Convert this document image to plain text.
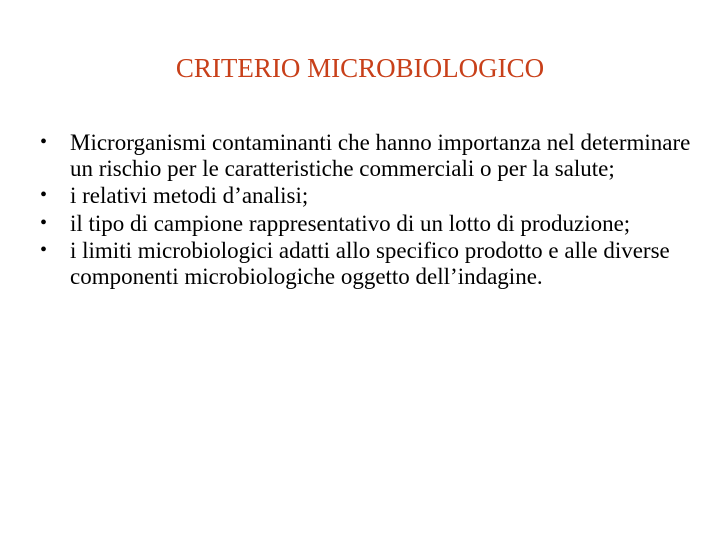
CRITERIO MICROBIOLOGICO
• Microrganismi contaminanti che hanno importanza nel determinare un rischio per le caratteristiche commerciali o per la salute;
• i relativi metodi d’analisi;
• il tipo di campione rappresentativo di un lotto di produzione;
• i limiti microbiologici adatti allo specifico prodotto e alle diverse componenti microbiologiche oggetto dell’indagine.
